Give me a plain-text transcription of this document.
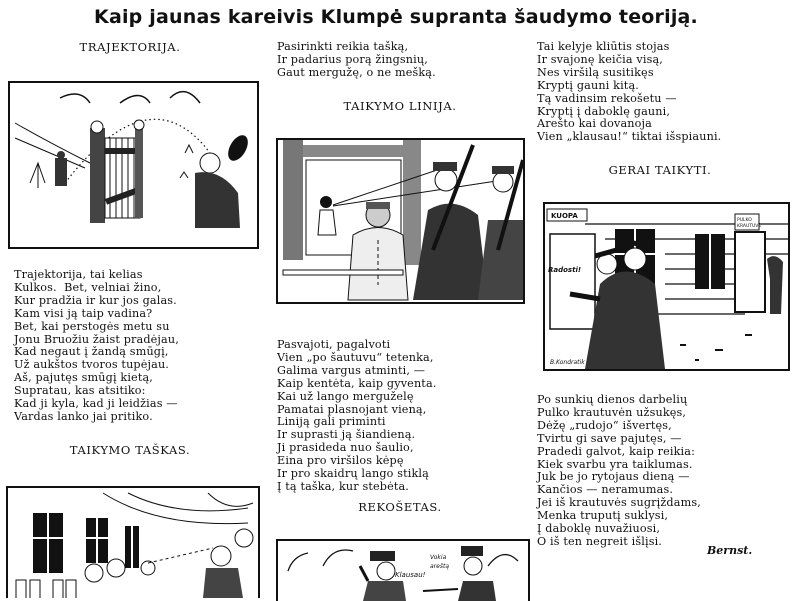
Kaip jaunas kareivis Klumpė supranta šaudymo teoriją.
TRAJEKTORIJA.
Trajektorija, tai kelias
Kulkos.  Bet, velniai žino,
Kur pradžia ir kur jos galas.
Kam visi ją taip vadina?
Bet, kai perstogės metu su
Jonu Bruožiu žaist pradėjau,
Kad negaut į žandą smūgį,
Už aukštos tvoros tupėjau.
Aš, pajutęs smūgį kietą,
Supratau, kas atsitiko:
Kad ji kyla, kad ji leidžias —
Vardas lanko jai pritiko.
TAIKYMO TAŠKAS.
Pasirinkti reikia tašką,
Ir padarius porą žingsnių,
Gaut mergužę, o ne mešką.
TAIKYMO LINIJA.
Pasvajoti, pagalvoti
Vien „po šautuvu“ tetenka,
Galima vargus atminti, —
Kaip kentėta, kaip gyventa.
Kai už lango merguželę
Pamatai plasnojant vieną,
Liniją gali priminti
Ir suprasti ją šiandieną.
Ji prasideda nuo šaulio,
Eina pro viršilos kėpę
Ir pro skaidrų lango stiklą
Į tą taška, kur stebėta.
REKOŠETAS.
Klausau!
Vokia
areštą
Tai kelyje kliūtis stojas
Ir svajonę keičia visą,
Nes viršilą susitikęs
Kryptį gauni kitą.
Tą vadinsim rekošetu —
Kryptį į daboklę gauni,
Arešto kai dovanoja
Vien „klausau!“ tiktai išspiauni.
GERAI TAIKYTI.
KUOPA
PULKO
KRAUTUVĖ
Radosti!
B.Kondratik
Po sunkių dienos darbelių
Pulko krautuvėn užsukęs,
Dėžę „rudojo“ išvertęs,
Tvirtu gi save pajutęs, —
Pradedi galvot, kaip reikia:
Kiek svarbu yra taiklumas.
Juk be jo rytojaus dieną —
Kančios — neramumas.
Jei iš krautuvės sugrįždams,
Menka truputį suklysi,
Į daboklę nuvažiuosi,
O iš ten negreit išlįsi.
Bernst.
